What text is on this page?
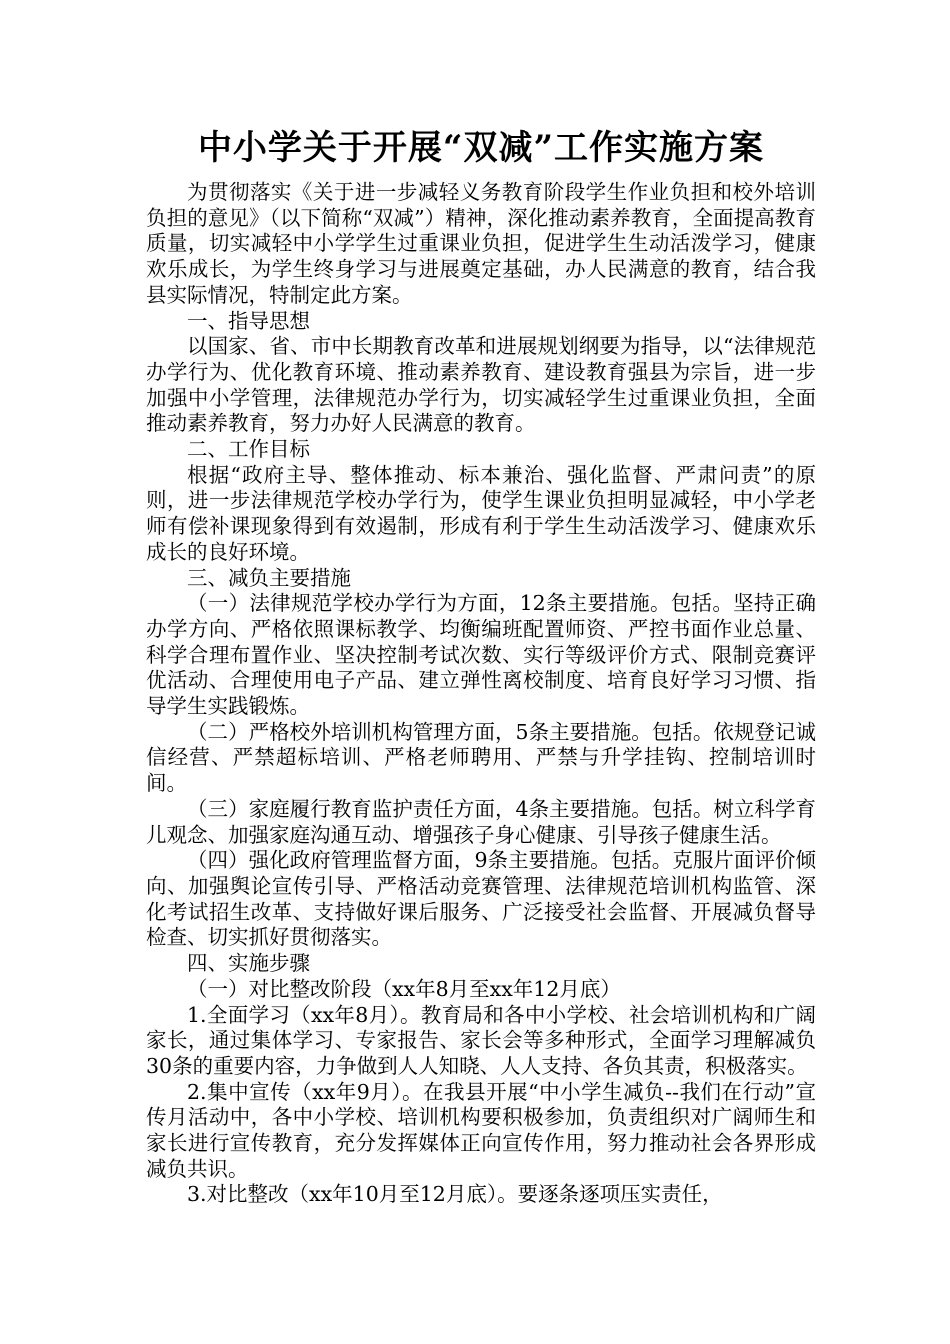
中小学关于开展“双减”工作实施方案

为贯彻落实《关于进一步减轻义务教育阶段学生作业负担和校外培训负担的意见》（以下简称“双减”）精神，深化推动素养教育，全面提高教育质量，切实减轻中小学学生过重课业负担，促进学生生动活泼学习，健康欢乐成长，为学生终身学习与进展奠定基础，办人民满意的教育，结合我县实际情况，特制定此方案。

一、指导思想

以国家、省、市中长期教育改革和进展规划纲要为指导，以“法律规范办学行为、优化教育环境、推动素养教育、建设教育强县为宗旨，进一步加强中小学管理，法律规范办学行为，切实减轻学生过重课业负担，全面推动素养教育，努力办好人民满意的教育。

二、工作目标

根据“政府主导、整体推动、标本兼治、强化监督、严肃问责”的原则，进一步法律规范学校办学行为，使学生课业负担明显减轻，中小学老师有偿补课现象得到有效遏制，形成有利于学生生动活泼学习、健康欢乐成长的良好环境。

三、减负主要措施

（一）法律规范学校办学行为方面，12条主要措施。包括。坚持正确办学方向、严格依照课标教学、均衡编班配置师资、严控书面作业总量、科学合理布置作业、坚决控制考试次数、实行等级评价方式、限制竞赛评优活动、合理使用电子产品、建立弹性离校制度、培育良好学习习惯、指导学生实践锻炼。

（二）严格校外培训机构管理方面，5条主要措施。包括。依规登记诚信经营、严禁超标培训、严格老师聘用、严禁与升学挂钩、控制培训时间。

（三）家庭履行教育监护责任方面，4条主要措施。包括。树立科学育儿观念、加强家庭沟通互动、增强孩子身心健康、引导孩子健康生活。

（四）强化政府管理监督方面，9条主要措施。包括。克服片面评价倾向、加强舆论宣传引导、严格活动竞赛管理、法律规范培训机构监管、深化考试招生改革、支持做好课后服务、广泛接受社会监督、开展减负督导检查、切实抓好贯彻落实。

四、实施步骤

（一）对比整改阶段（xx年8月至xx年12月底）

1.全面学习（xx年8月）。教育局和各中小学校、社会培训机构和广阔家长，通过集体学习、专家报告、家长会等多种形式，全面学习理解减负30条的重要内容，力争做到人人知晓、人人支持、各负其责，积极落实。

2.集中宣传（xx年9月）。在我县开展“中小学生减负--我们在行动”宣传月活动中，各中小学校、培训机构要积极参加，负责组织对广阔师生和家长进行宣传教育，充分发挥媒体正向宣传作用，努力推动社会各界形成减负共识。

3.对比整改（xx年10月至12月底）。要逐条逐项压实责任，
